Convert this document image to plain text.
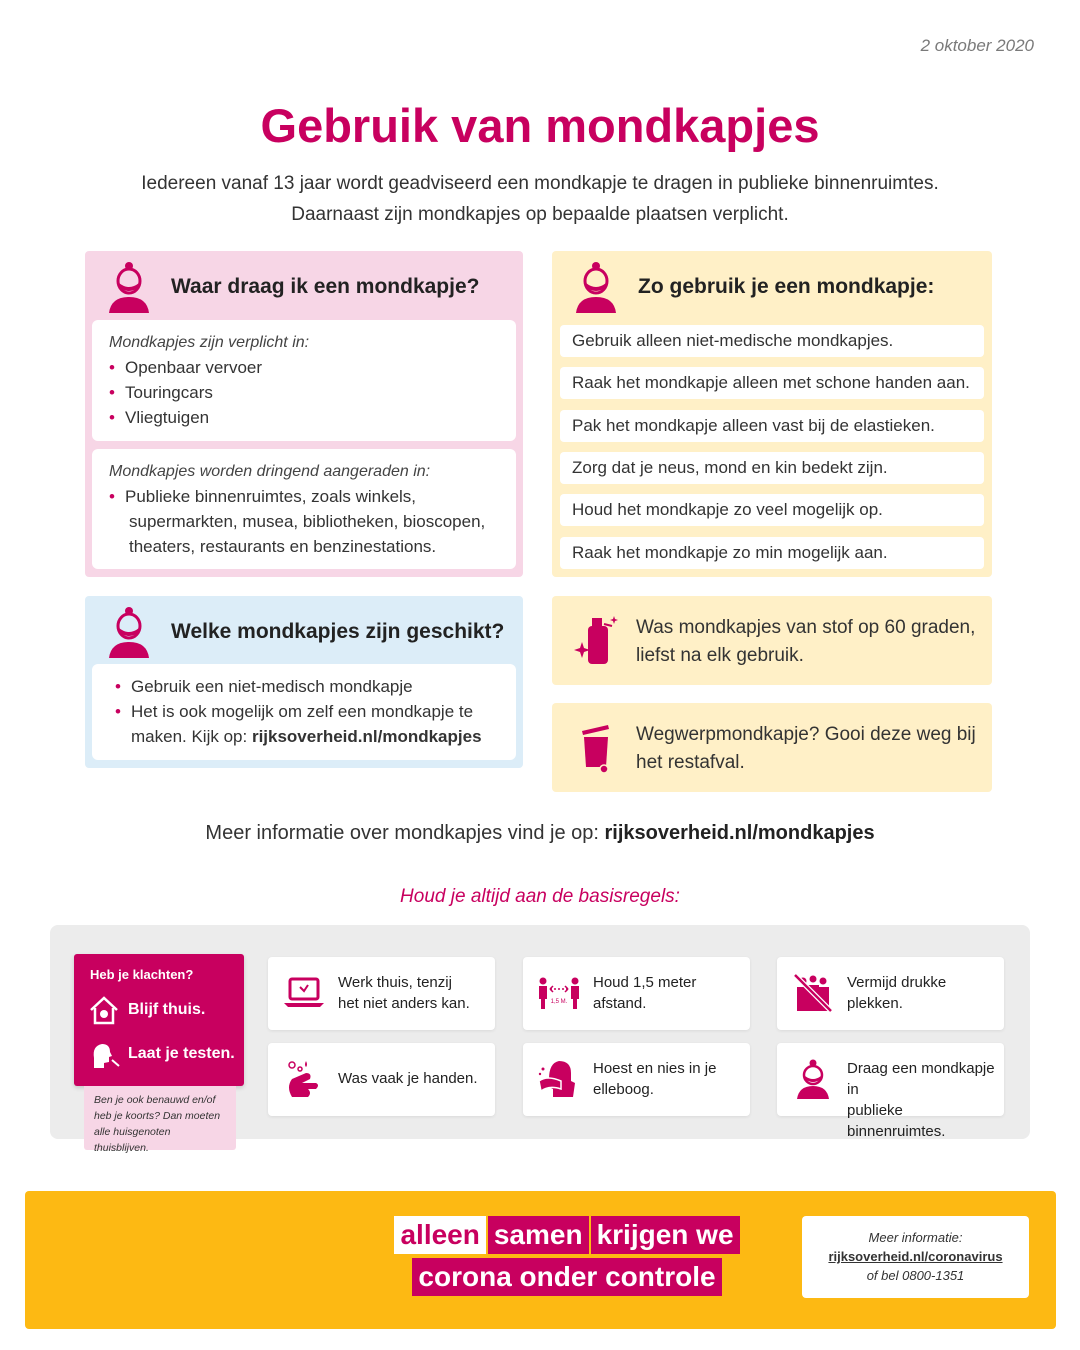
2 oktober 2020
Gebruik van mondkapjes
Iedereen vanaf 13 jaar wordt geadviseerd een mondkapje te dragen in publieke binnenruimtes.
Daarnaast zijn mondkapjes op bepaalde plaatsen verplicht.
Waar draag ik een mondkapje?
Mondkapjes zijn verplicht in:
• Openbaar vervoer
• Touringcars
• Vliegtuigen
Mondkapjes worden dringend aangeraden in:
• Publieke binnenruimtes, zoals winkels,
supermarkten, musea, bibliotheken, bioscopen,
theaters, restaurants en benzinestations.
Welke mondkapjes zijn geschikt?
• Gebruik een niet-medisch mondkapje
• Het is ook mogelijk om zelf een mondkapje te
maken. Kijk op: rijksoverheid.nl/mondkapjes
Zo gebruik je een mondkapje:
Gebruik alleen niet-medische mondkapjes.
Raak het mondkapje alleen met schone handen aan.
Pak het mondkapje alleen vast bij de elastieken.
Zorg dat je neus, mond en kin bedekt zijn.
Houd het mondkapje zo veel mogelijk op.
Raak het mondkapje zo min mogelijk aan.
Was mondkapjes van stof op 60 graden,
liefst na elk gebruik.
Wegwerpmondkapje? Gooi deze weg bij
het restafval.
Meer informatie over mondkapjes vind je op: rijksoverheid.nl/mondkapjes
Houd je altijd aan de basisregels:
Heb je klachten?
Blijf thuis.
Laat je testen.
Ben je ook benauwd en/of
heb je koorts? Dan moeten
alle huisgenoten thuisblijven.
Werk thuis, tenzij
het niet anders kan.	1,5 M.
Houd 1,5 meter
afstand.
Vermijd drukke
plekken.
Was vaak je handen.
Hoest en nies in je
elleboog.
Draag een mondkapje in
publieke binnenruimtes.
alleen samen krijgen we
corona onder controle
Meer informatie:
rijksoverheid.nl/coronavirus
of bel 0800-1351
